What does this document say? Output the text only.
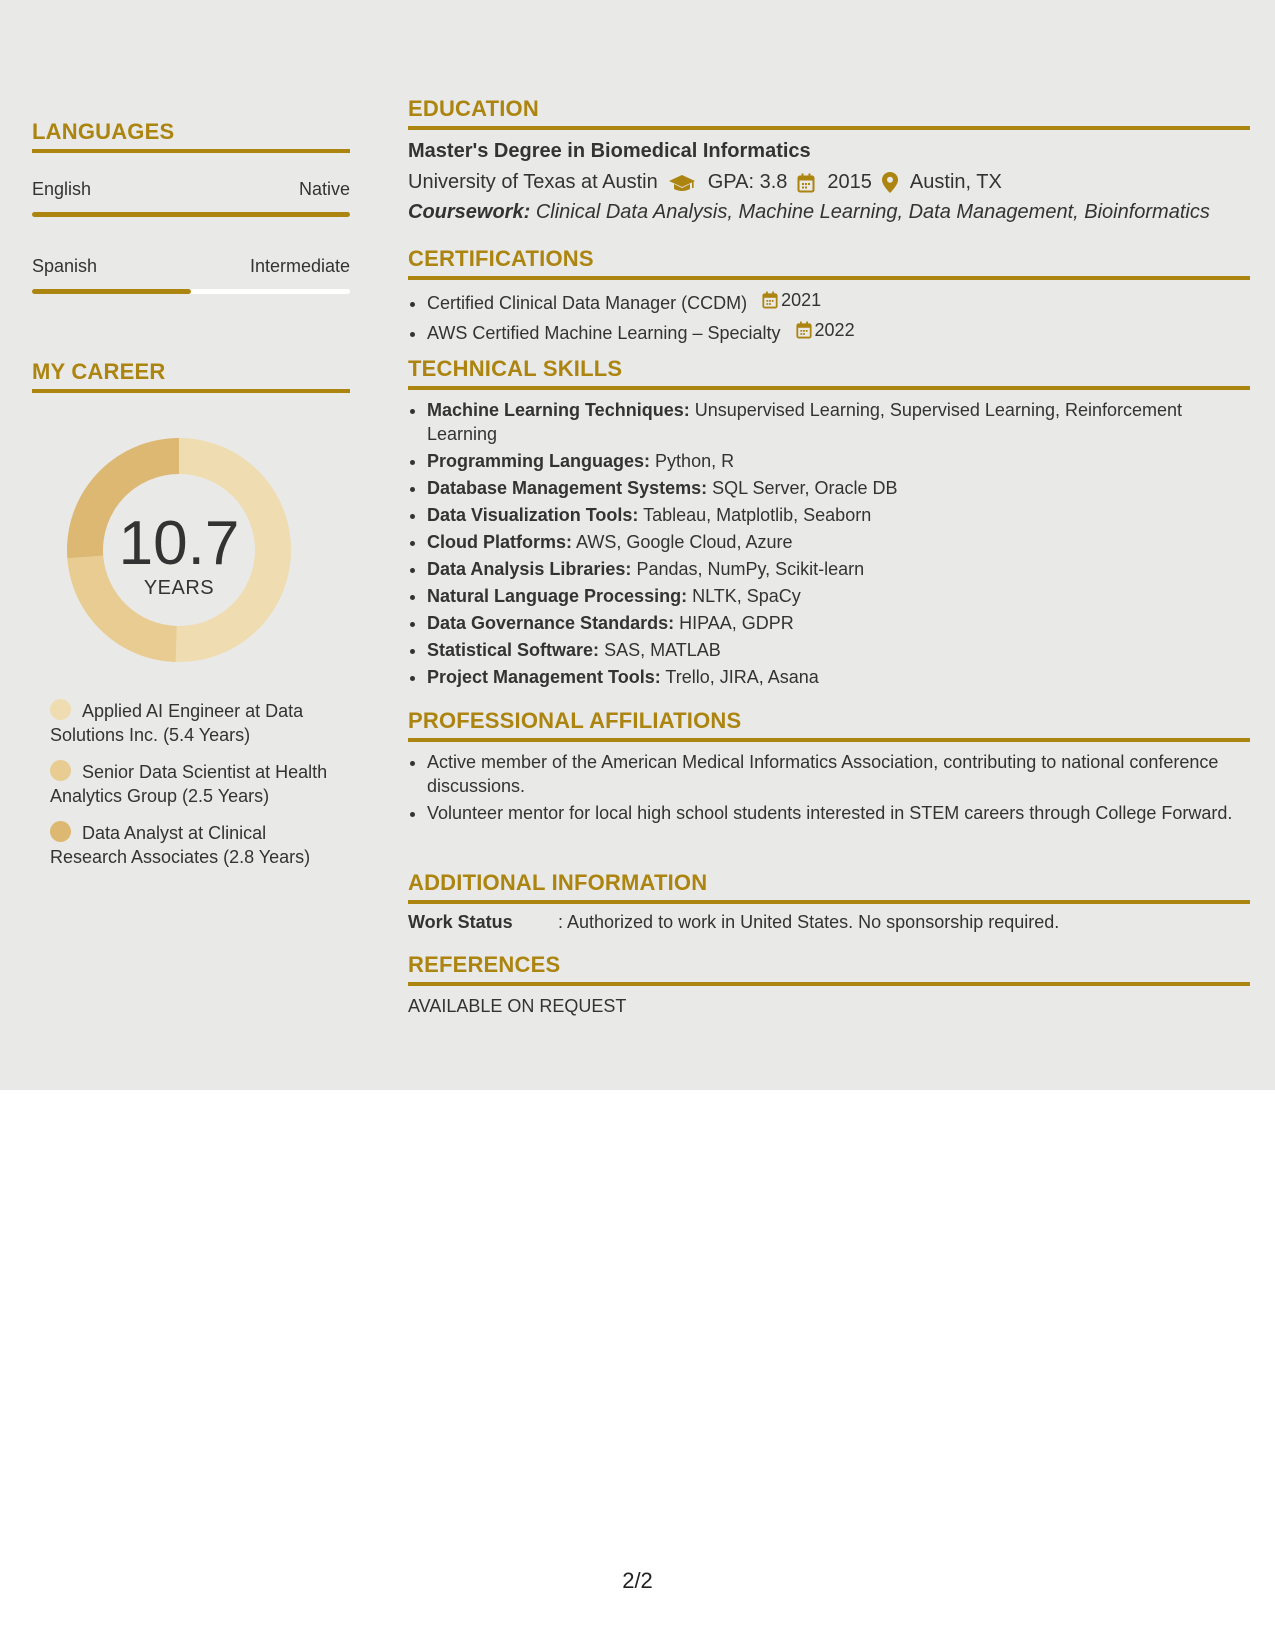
LANGUAGES
English	Native
Spanish	Intermediate
MY CAREER
10.7
YEARS
Applied AI Engineer at Data Solutions Inc. (5.4 Years)
Senior Data Scientist at Health Analytics Group (2.5 Years)
Data Analyst at Clinical Research Associates (2.8 Years)
EDUCATION
Master's Degree in Biomedical Informatics
University of Texas at Austin	GPA: 3.8 2015 Austin, TX
Coursework: Clinical Data Analysis, Machine Learning, Data Management, Bioinformatics
CERTIFICATIONS
• Certified Clinical Data Manager (CCDM) 2021
• AWS Certified Machine Learning – Specialty 2022
TECHNICAL SKILLS
• Machine Learning Techniques: Unsupervised Learning, Supervised Learning, Reinforcement Learning
• Programming Languages: Python, R
• Database Management Systems: SQL Server, Oracle DB
• Data Visualization Tools: Tableau, Matplotlib, Seaborn
• Cloud Platforms: AWS, Google Cloud, Azure
• Data Analysis Libraries: Pandas, NumPy, Scikit-learn
• Natural Language Processing: NLTK, SpaCy
• Data Governance Standards: HIPAA, GDPR
• Statistical Software: SAS, MATLAB
• Project Management Tools: Trello, JIRA, Asana
PROFESSIONAL AFFILIATIONS
• Active member of the American Medical Informatics Association, contributing to national conference discussions.
• Volunteer mentor for local high school students interested in STEM careers through College Forward.
ADDITIONAL INFORMATION
Work Status	: Authorized to work in United States. No sponsorship required.
REFERENCES
AVAILABLE ON REQUEST
2/2
